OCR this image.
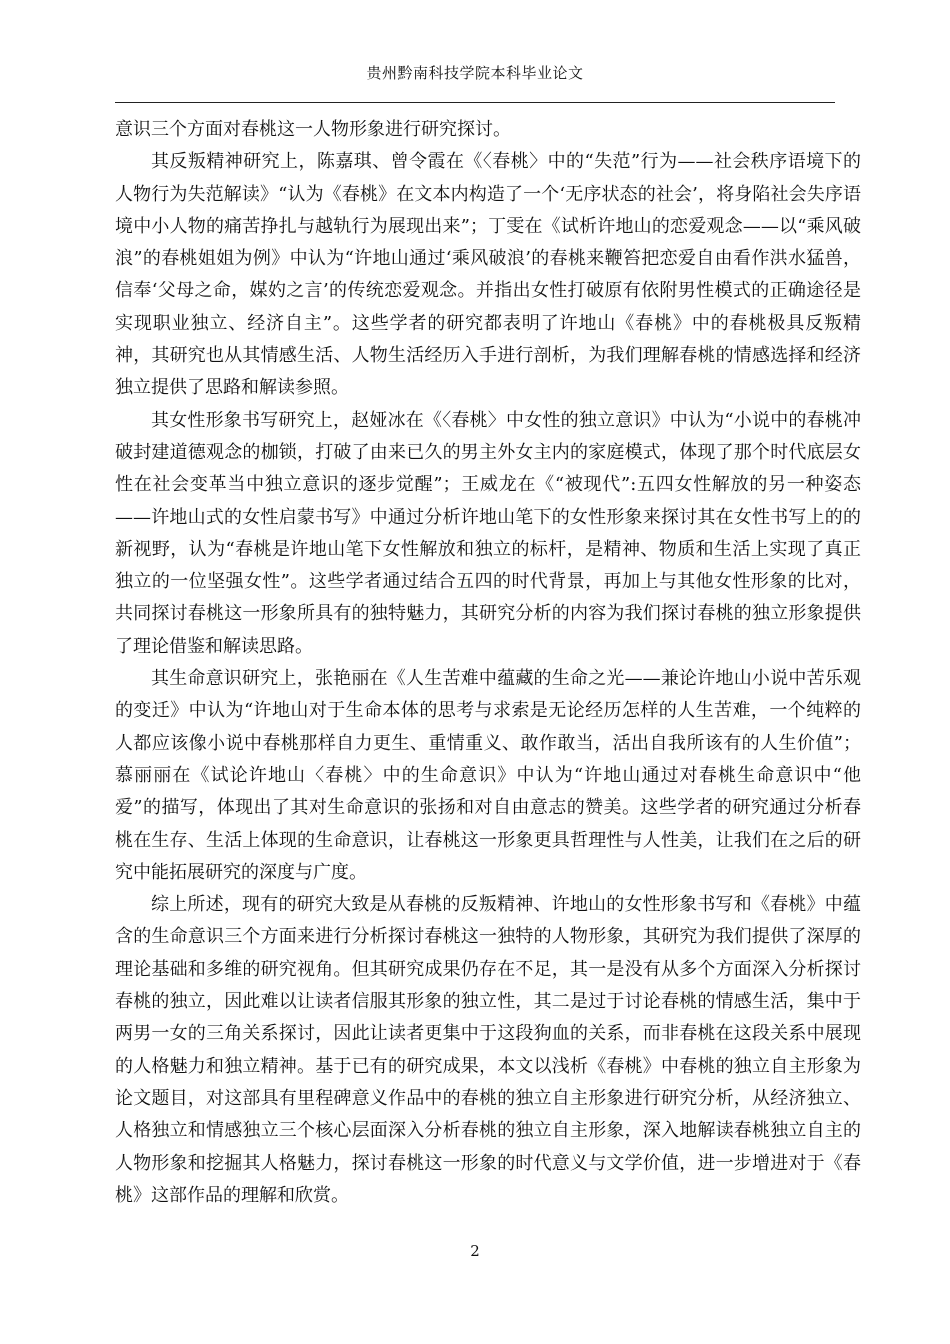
贵州黔南科技学院本科毕业论文

意识三个方面对春桃这一人物形象进行研究探讨。

其反叛精神研究上，陈嘉琪、曾令霞在《〈春桃〉中的“失范”行为——社会秩序语境下的人物行为失范解读》“认为《春桃》在文本内构造了一个‘无序状态的社会’，将身陷社会失序语境中小人物的痛苦挣扎与越轨行为展现出来”；丁雯在《试析许地山的恋爱观念——以“乘风破浪”的春桃姐姐为例》中认为“许地山通过‘乘风破浪’的春桃来鞭笞把恋爱自由看作洪水猛兽，信奉‘父母之命，媒妁之言’的传统恋爱观念。并指出女性打破原有依附男性模式的正确途径是实现职业独立、经济自主”。这些学者的研究都表明了许地山《春桃》中的春桃极具反叛精神，其研究也从其情感生活、人物生活经历入手进行剖析，为我们理解春桃的情感选择和经济独立提供了思路和解读参照。

其女性形象书写研究上，赵娅冰在《〈春桃〉中女性的独立意识》中认为“小说中的春桃冲破封建道德观念的枷锁，打破了由来已久的男主外女主内的家庭模式，体现了那个时代底层女性在社会变革当中独立意识的逐步觉醒”；王威龙在《“被现代”:五四女性解放的另一种姿态——许地山式的女性启蒙书写》中通过分析许地山笔下的女性形象来探讨其在女性书写上的的新视野，认为“春桃是许地山笔下女性解放和独立的标杆，是精神、物质和生活上实现了真正独立的一位坚强女性”。这些学者通过结合五四的时代背景，再加上与其他女性形象的比对，共同探讨春桃这一形象所具有的独特魅力，其研究分析的内容为我们探讨春桃的独立形象提供了理论借鉴和解读思路。

其生命意识研究上，张艳丽在《人生苦难中蕴藏的生命之光——兼论许地山小说中苦乐观的变迁》中认为“许地山对于生命本体的思考与求索是无论经历怎样的人生苦难，一个纯粹的人都应该像小说中春桃那样自力更生、重情重义、敢作敢当，活出自我所该有的人生价值”；慕丽丽在《试论许地山〈春桃〉中的生命意识》中认为“许地山通过对春桃生命意识中“他爱”的描写，体现出了其对生命意识的张扬和对自由意志的赞美。这些学者的研究通过分析春桃在生存、生活上体现的生命意识，让春桃这一形象更具哲理性与人性美，让我们在之后的研究中能拓展研究的深度与广度。

综上所述，现有的研究大致是从春桃的反叛精神、许地山的女性形象书写和《春桃》中蕴含的生命意识三个方面来进行分析探讨春桃这一独特的人物形象，其研究为我们提供了深厚的理论基础和多维的研究视角。但其研究成果仍存在不足，其一是没有从多个方面深入分析探讨春桃的独立，因此难以让读者信服其形象的独立性，其二是过于讨论春桃的情感生活，集中于两男一女的三角关系探讨，因此让读者更集中于这段狗血的关系，而非春桃在这段关系中展现的人格魅力和独立精神。基于已有的研究成果，本文以浅析《春桃》中春桃的独立自主形象为论文题目，对这部具有里程碑意义作品中的春桃的独立自主形象进行研究分析，从经济独立、人格独立和情感独立三个核心层面深入分析春桃的独立自主形象，深入地解读春桃独立自主的人物形象和挖掘其人格魅力，探讨春桃这一形象的时代意义与文学价值，进一步增进对于《春桃》这部作品的理解和欣赏。

2
